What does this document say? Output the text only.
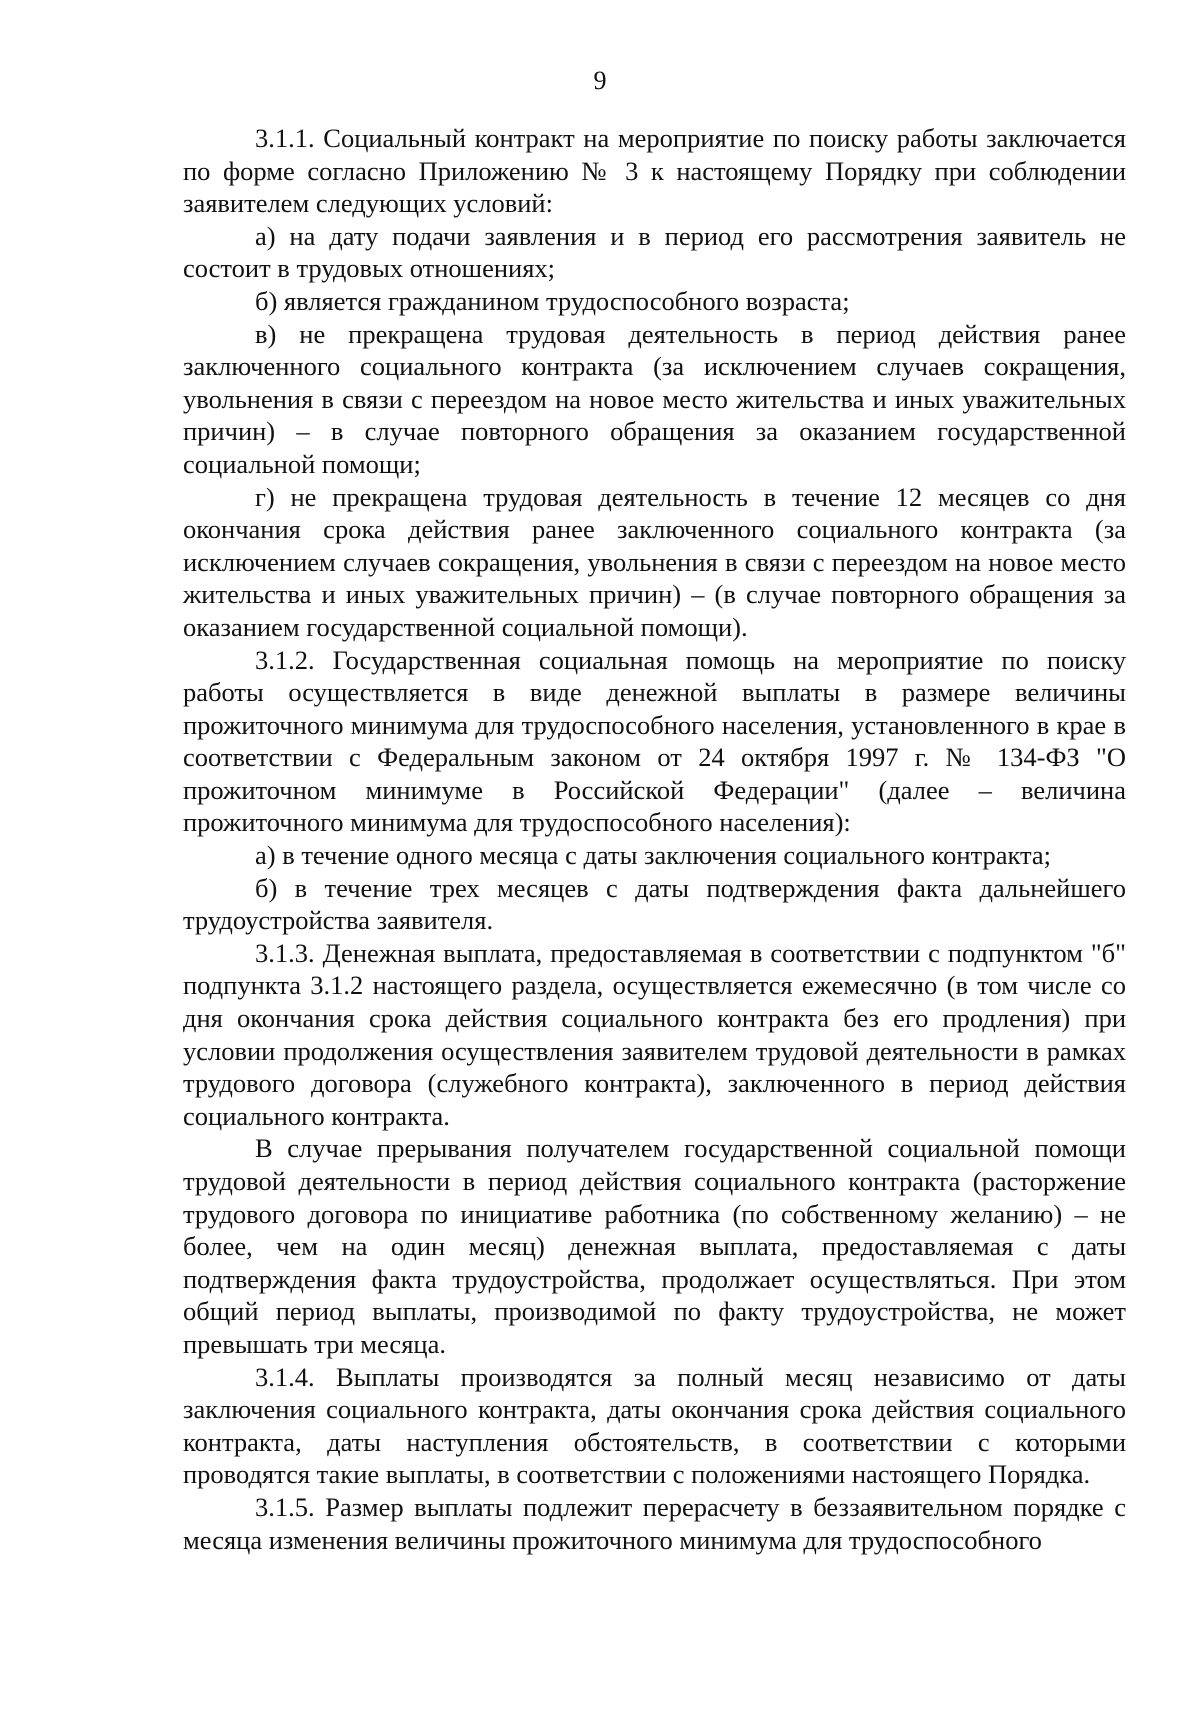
9

3.1.1. Социальный контракт на мероприятие по поиску работы заключается по форме согласно Приложению № 3 к настоящему Порядку при соблюдении заявителем следующих условий:

а) на дату подачи заявления и в период его рассмотрения заявитель не состоит в трудовых отношениях;

б) является гражданином трудоспособного возраста;

в) не прекращена трудовая деятельность в период действия ранее заключенного социального контракта (за исключением случаев сокращения, увольнения в связи с переездом на новое место жительства и иных уважительных причин) – в случае повторного обращения за оказанием государственной социальной помощи;

г) не прекращена трудовая деятельность в течение 12 месяцев со дня окончания срока действия ранее заключенного социального контракта (за исключением случаев сокращения, увольнения в связи с переездом на новое место жительства и иных уважительных причин) – (в случае повторного обращения за оказанием государственной социальной помощи).

3.1.2. Государственная социальная помощь на мероприятие по поиску работы осуществляется в виде денежной выплаты в размере величины прожиточного минимума для трудоспособного населения, установленного в крае в соответствии с Федеральным законом от 24 октября 1997 г. № 134-ФЗ "О прожиточном минимуме в Российской Федерации" (далее – величина прожиточного минимума для трудоспособного населения):

а) в течение одного месяца с даты заключения социального контракта;

б) в течение трех месяцев с даты подтверждения факта дальнейшего трудоустройства заявителя.

3.1.3. Денежная выплата, предоставляемая в соответствии с подпунктом "б" подпункта 3.1.2 настоящего раздела, осуществляется ежемесячно (в том числе со дня окончания срока действия социального контракта без его продления) при условии продолжения осуществления заявителем трудовой деятельности в рамках трудового договора (служебного контракта), заключенного в период действия социального контракта.

В случае прерывания получателем государственной социальной помощи трудовой деятельности в период действия социального контракта (расторжение трудового договора по инициативе работника (по собственному желанию) – не более, чем на один месяц) денежная выплата, предоставляемая с даты подтверждения факта трудоустройства, продолжает осуществляться. При этом общий период выплаты, производимой по факту трудоустройства, не может превышать три месяца.

3.1.4. Выплаты производятся за полный месяц независимо от даты заключения социального контракта, даты окончания срока действия социального контракта, даты наступления обстоятельств, в соответствии с которыми проводятся такие выплаты, в соответствии с положениями настоящего Порядка.

3.1.5. Размер выплаты подлежит перерасчету в беззаявительном порядке с месяца изменения величины прожиточного минимума для трудоспособного
